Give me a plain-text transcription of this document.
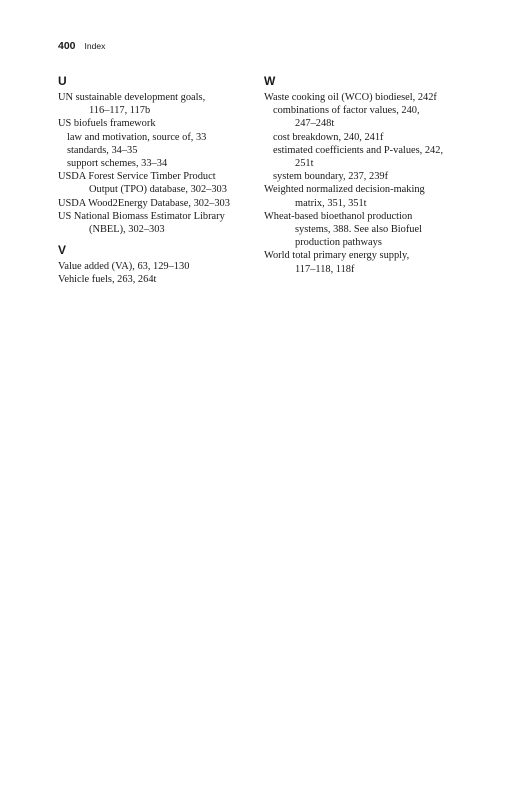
400 Index
U
UN sustainable development goals,
116–117, 117b
US biofuels framework
law and motivation, source of, 33
standards, 34–35
support schemes, 33–34
USDA Forest Service Timber Product
Output (TPO) database, 302–303
USDA Wood2Energy Database, 302–303
US National Biomass Estimator Library
(NBEL), 302–303
V
Value added (VA), 63, 129–130
Vehicle fuels, 263, 264t
W
Waste cooking oil (WCO) biodiesel, 242f
combinations of factor values, 240,
247–248t
cost breakdown, 240, 241f
estimated coefficients and P-values, 242,
251t
system boundary, 237, 239f
Weighted normalized decision-making
matrix, 351, 351t
Wheat-based bioethanol production
systems, 388. See also Biofuel
production pathways
World total primary energy supply,
117–118, 118f
